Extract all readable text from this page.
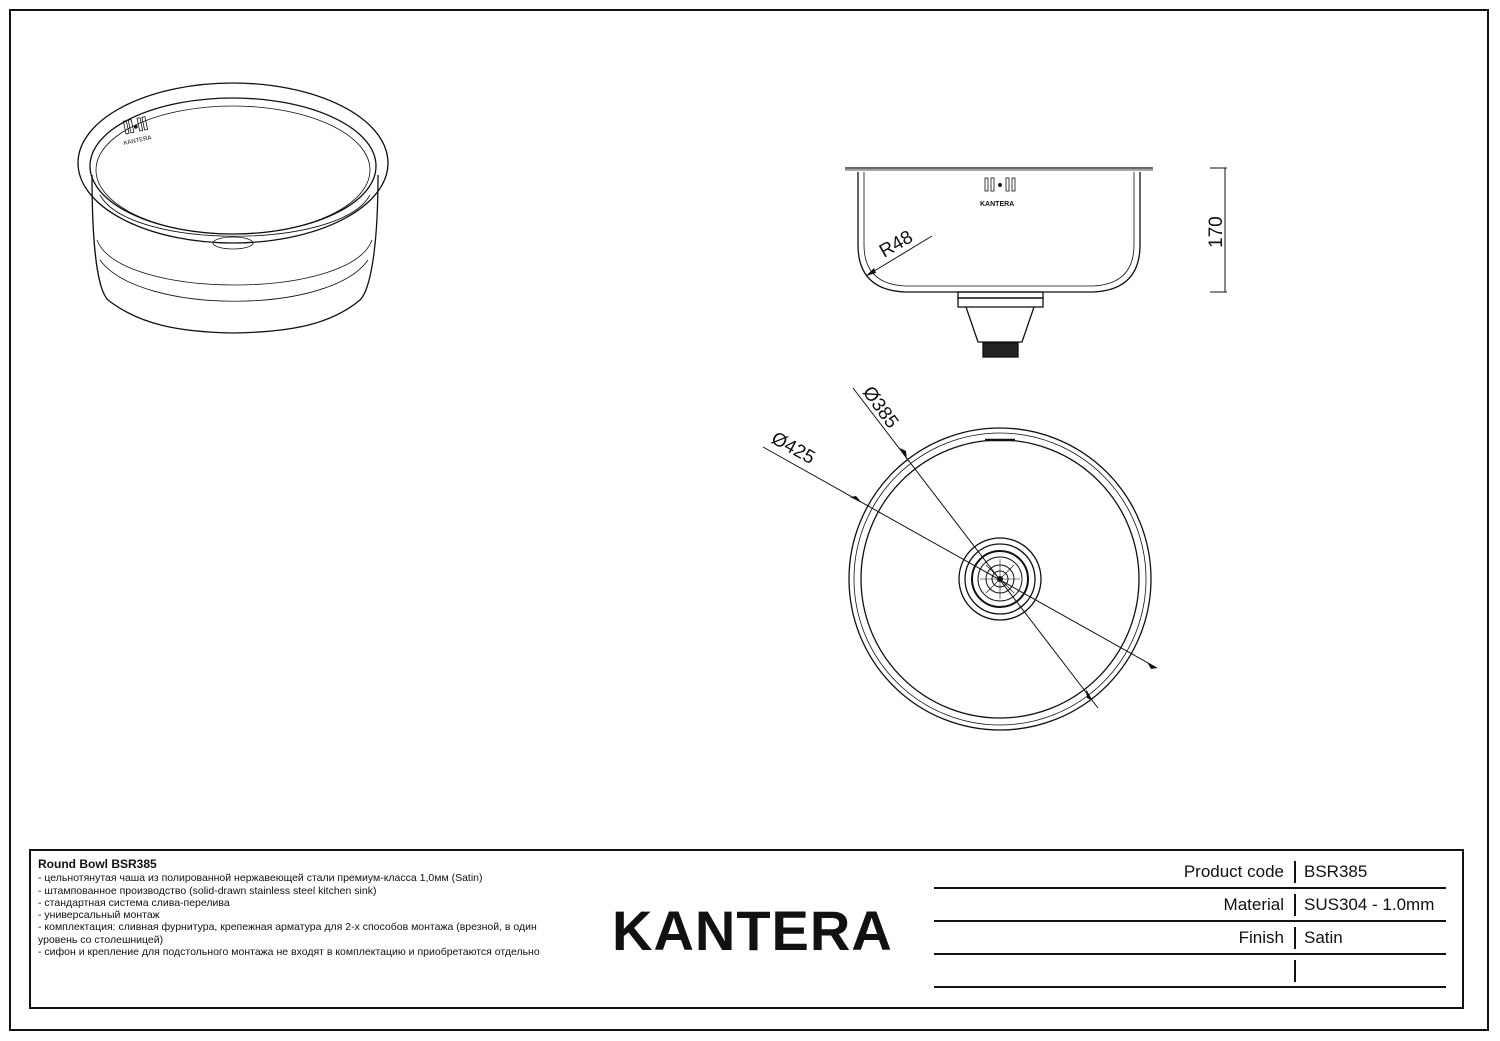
KANTERA
KANTERA
R48	170
Ø385
Ø425
Round Bowl BSR385
- цельнотянутая чаша из полированной нержавеющей стали премиум-класса 1,0мм (Satin)
- штампованное производство (solid-drawn stainless steel kitchen sink)
- стандартная система слива-перелива
- универсальный монтаж
- комплектация: сливная фурнитура, крепежная арматура для 2-х способов монтажа (врезной, в один уровень со столешницей)
- сифон и крепление для подстольного монтажа не входят в комплектацию и приобретаются отдельно	KANTERA
Product code	BSR385
Material	SUS304 - 1.0mm
Finish	Satin
